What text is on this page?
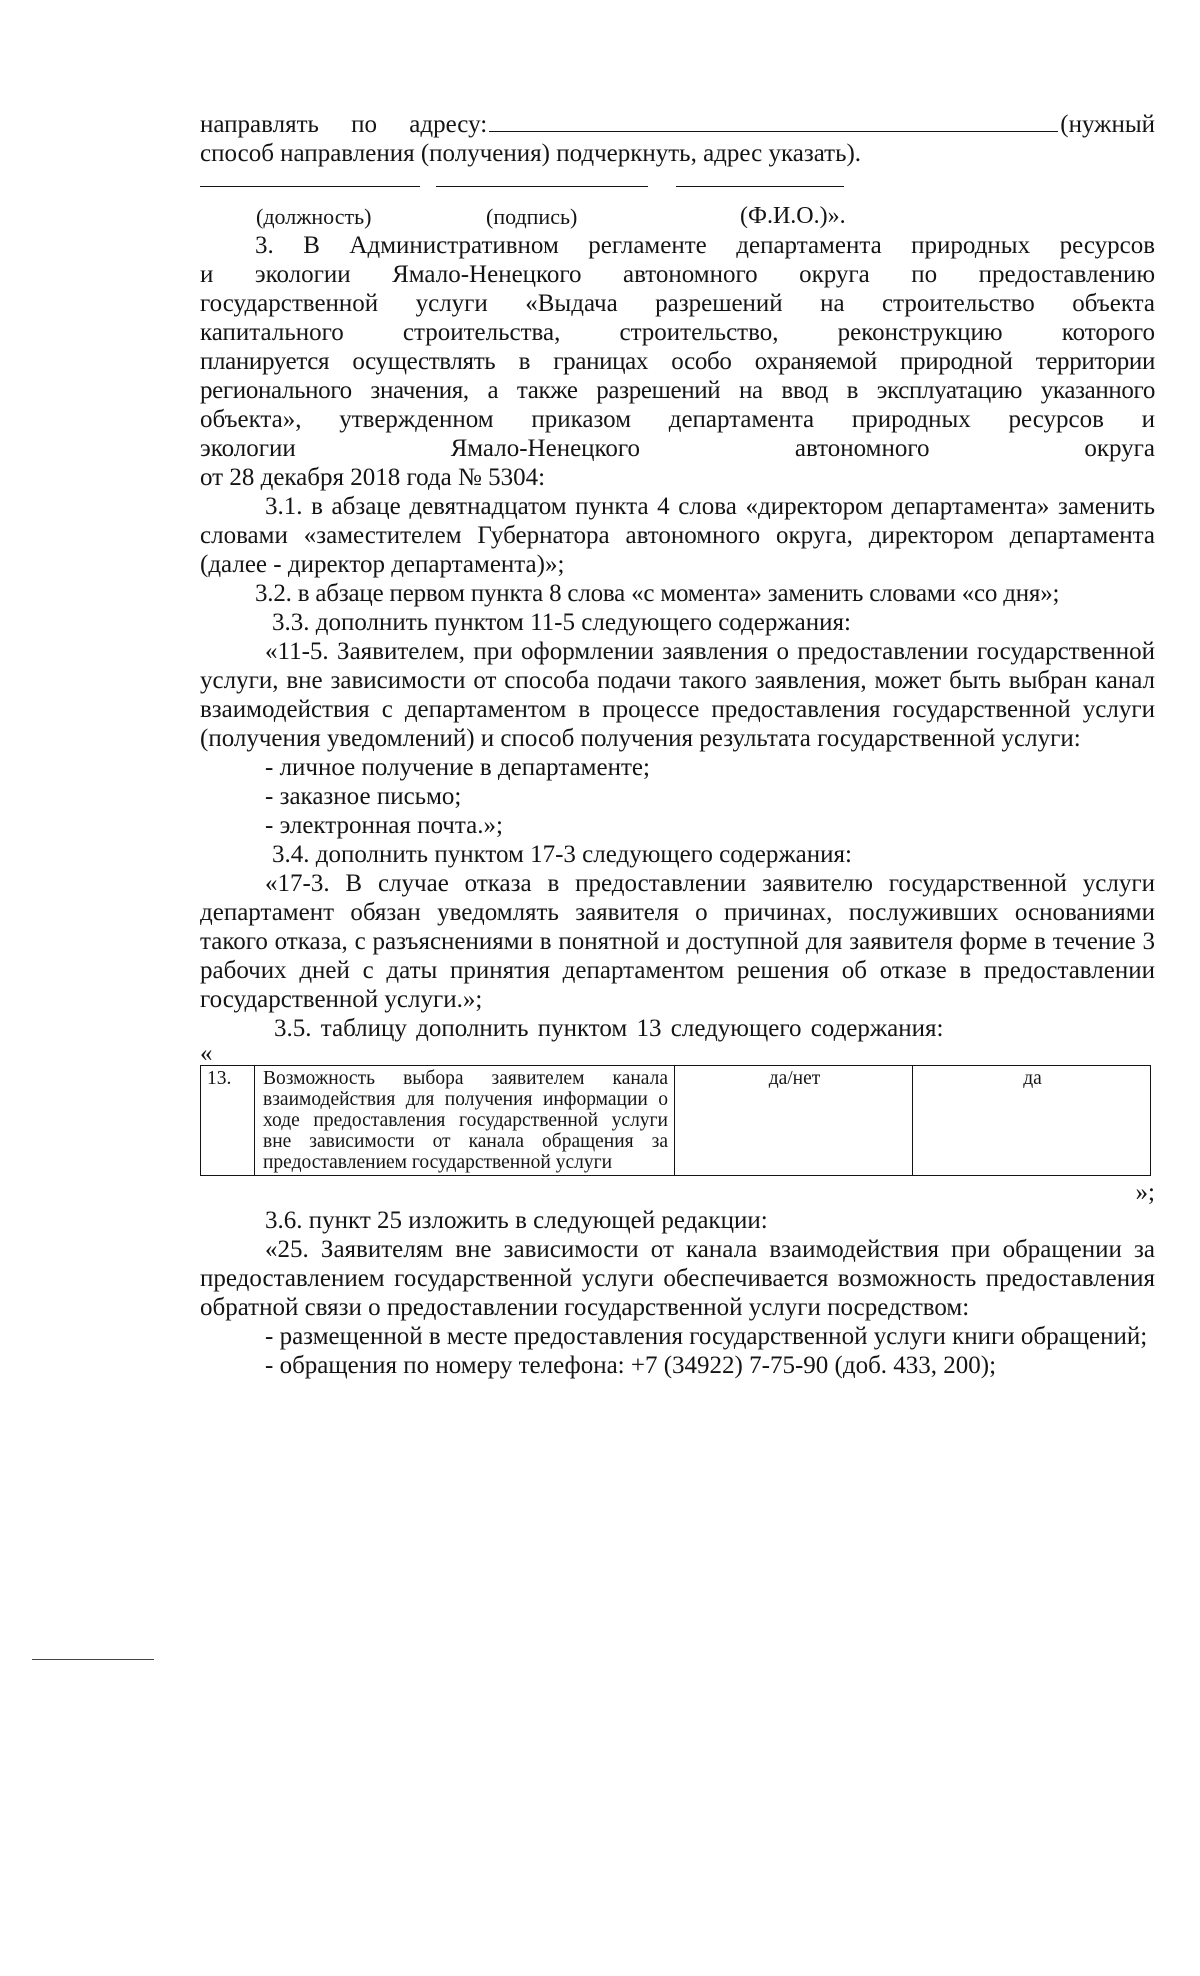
направлять по адресу:	(нужный

способ направления (получения) подчеркнуть, адрес указать).

(должность)	(подпись)	(Ф.И.О.)».

3. В Административном регламенте департамента природных ресурсов

и экологии Ямало-Ненецкого автономного округа по предоставлению

государственной услуги «Выдача разрешений на строительство объекта

капитального строительства, строительство, реконструкцию которого

планируется осуществлять в границах особо охраняемой природной территории

регионального значения, а также разрешений на ввод в эксплуатацию указанного

объекта», утвержденном приказом департамента природных ресурсов и

экологии Ямало-Ненецкого автономного округа

от 28 декабря 2018 года № 5304:

3.1. в абзаце девятнадцатом пункта 4 слова «директором департамента» заменить словами «заместителем Губернатора автономного округа, директором департамента (далее - директор департамента)»;

3.2. в абзаце первом пункта 8 слова «с момента» заменить словами «со дня»;

3.3. дополнить пунктом 11-5 следующего содержания:

«11-5. Заявителем, при оформлении заявления о предоставлении государственной услуги, вне зависимости от способа подачи такого заявления, может быть выбран канал взаимодействия с департаментом в процессе предоставления государственной услуги (получения уведомлений) и способ получения результата государственной услуги:

- личное получение в департаменте;

- заказное письмо;

- электронная почта.»;

3.4. дополнить пунктом 17-3 следующего содержания:

«17-3. В случае отказа в предоставлении заявителю государственной услуги департамент обязан уведомлять заявителя о причинах, послуживших основаниями такого отказа, с разъяснениями в понятной и доступной для заявителя форме в течение 3 рабочих дней с даты принятия департаментом решения об отказе в предоставлении государственной услуги.»;

3.5. таблицу дополнить пунктом 13 следующего содержания:

«
13.	Возможность выбора заявителем канала взаимодействия для получения информации о ходе предоставления государственной услуги вне зависимости от канала обращения за предоставлением государственной услуги	да/нет	да
»;

3.6. пункт 25 изложить в следующей редакции:

«25. Заявителям вне зависимости от канала взаимодействия при обращении за предоставлением государственной услуги обеспечивается возможность предоставления обратной связи о предоставлении государственной услуги посредством:

- размещенной в месте предоставления государственной услуги книги обращений;

- обращения по номеру телефона: +7 (34922) 7-75-90 (доб. 433, 200);
